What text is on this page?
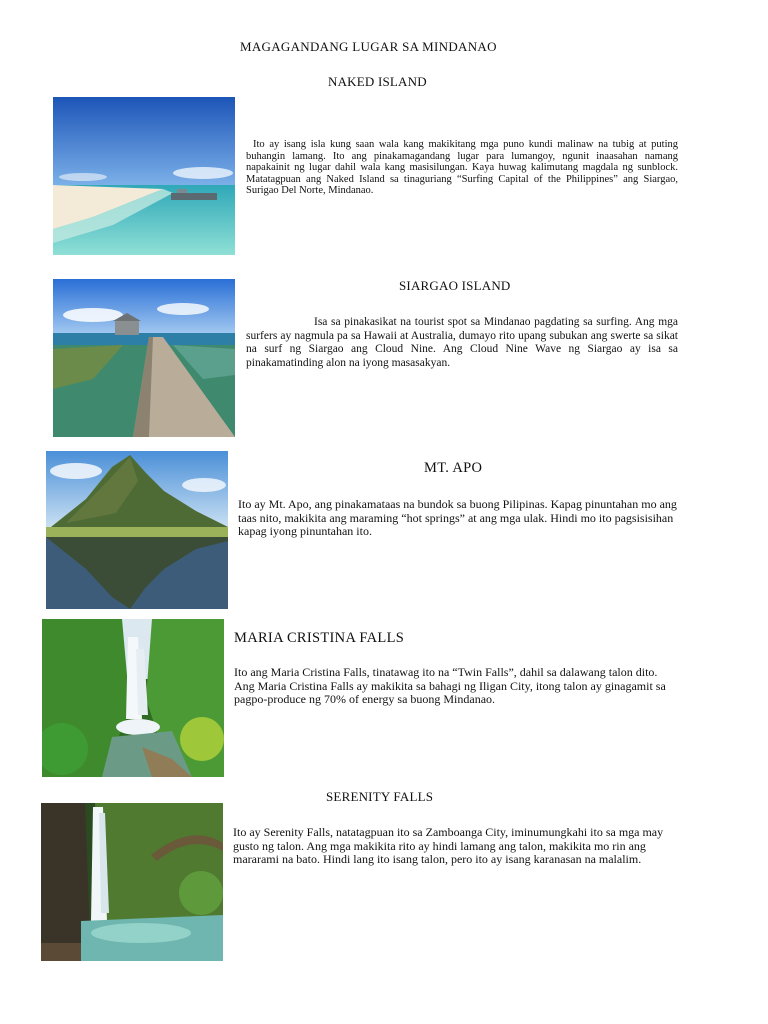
MAGAGANDANG LUGAR SA MINDANAO
NAKED ISLAND
Ito ay isang isla kung saan wala kang makikitang mga puno kundi malinaw na tubig at puting buhangin lamang. Ito ang pinakamagandang lugar para lumangoy, ngunit inaasahan namang napakainit ng lugar dahil wala kang masisilungan. Kaya huwag kalimutang magdala ng sunblock. Matatagpuan ang Naked Island sa tinaguriang “Surfing Capital of the Philippines” ang Siargao, Surigao Del Norte, Mindanao.
SIARGAO ISLAND
Isa sa pinakasikat na tourist spot sa Mindanao pagdating sa surfing. Ang mga surfers ay nagmula pa sa Hawaii at Australia, dumayo rito upang subukan ang swerte sa sikat na surf ng Siargao ang Cloud Nine. Ang Cloud Nine Wave ng Siargao ay isa sa pinakamatinding alon na iyong masasakyan.
MT. APO
Ito ay Mt. Apo, ang pinakamataas na bundok sa buong Pilipinas. Kapag pinuntahan mo ang taas nito, makikita ang maraming “hot springs” at ang mga ulak. Hindi mo ito pagsisisihan kapag iyong pinuntahan ito.
MARIA CRISTINA FALLS
Ito ang Maria Cristina Falls, tinatawag ito na “Twin Falls”, dahil sa dalawang talon dito. Ang Maria Cristina Falls ay makikita sa bahagi ng Iligan City, itong talon ay ginagamit sa pagpo-produce ng 70% of energy sa buong Mindanao.
SERENITY FALLS
Ito ay Serenity Falls, natatagpuan ito sa Zamboanga City, iminumungkahi ito sa mga may gusto ng talon. Ang mga makikita rito ay hindi lamang ang talon, makikita mo rin ang mararami na bato. Hindi lang ito isang talon, pero ito ay isang karanasan na malalim.
